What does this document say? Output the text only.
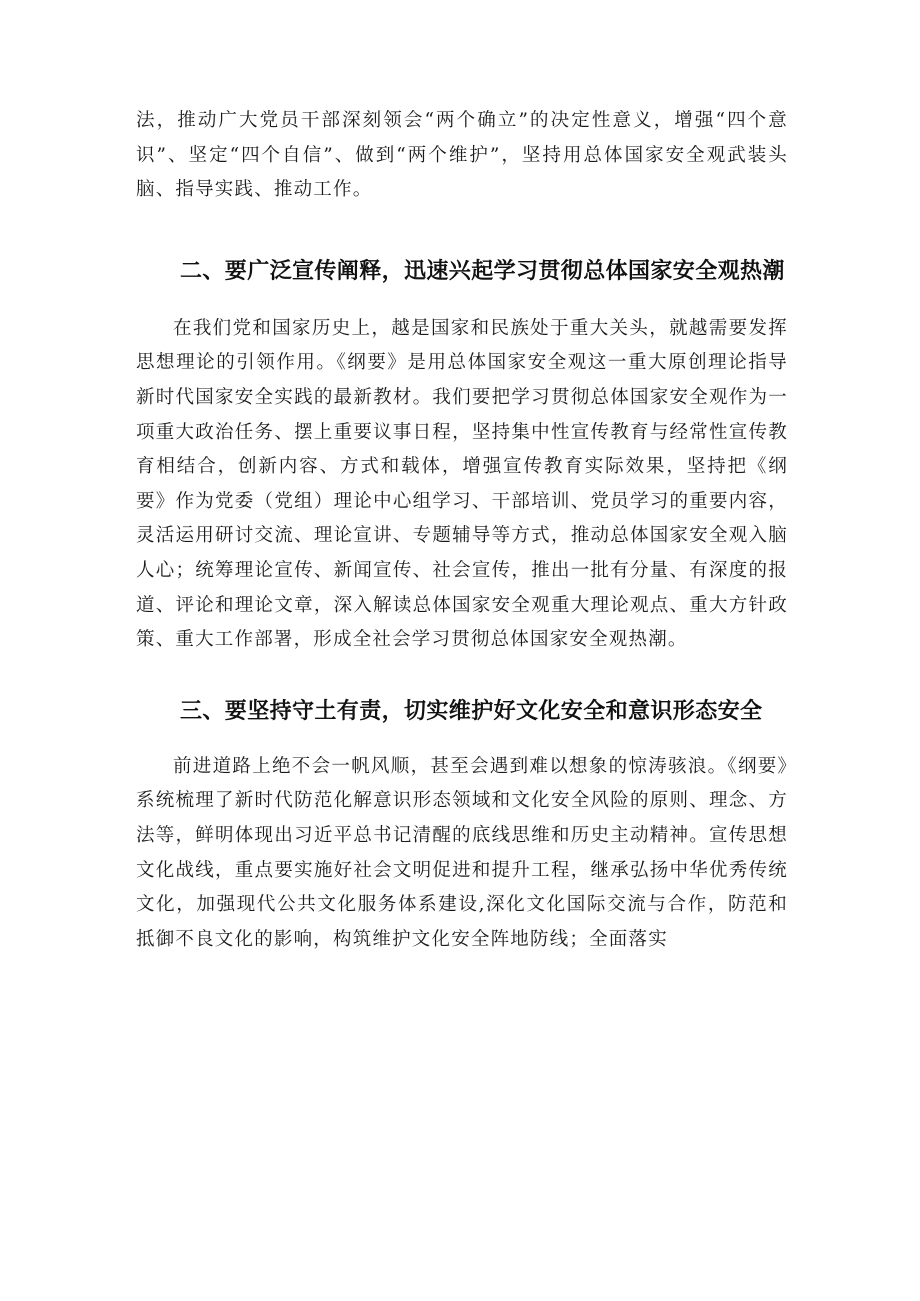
法，推动广大党员干部深刻领会“两个确立”的决定性意义，增强“四个意识”、坚定“四个自信”、做到“两个维护”，坚持用总体国家安全观武装头脑、指导实践、推动工作。

二、要广泛宣传阐释，迅速兴起学习贯彻总体国家安全观热潮

在我们党和国家历史上，越是国家和民族处于重大关头，就越需要发挥思想理论的引领作用。《纲要》是用总体国家安全观这一重大原创理论指导新时代国家安全实践的最新教材。我们要把学习贯彻总体国家安全观作为一项重大政治任务、摆上重要议事日程，坚持集中性宣传教育与经常性宣传教育相结合，创新内容、方式和载体，增强宣传教育实际效果，坚持把《纲要》作为党委（党组）理论中心组学习、干部培训、党员学习的重要内容，灵活运用研讨交流、理论宣讲、专题辅导等方式，推动总体国家安全观入脑人心；统筹理论宣传、新闻宣传、社会宣传，推出一批有分量、有深度的报道、评论和理论文章，深入解读总体国家安全观重大理论观点、重大方针政策、重大工作部署，形成全社会学习贯彻总体国家安全观热潮。

三、要坚持守土有责，切实维护好文化安全和意识形态安全

前进道路上绝不会一帆风顺，甚至会遇到难以想象的惊涛骇浪。《纲要》系统梳理了新时代防范化解意识形态领域和文化安全风险的原则、理念、方法等，鲜明体现出习近平总书记清醒的底线思维和历史主动精神。宣传思想文化战线，重点要实施好社会文明促进和提升工程，继承弘扬中华优秀传统文化，加强现代公共文化服务体系建设,深化文化国际交流与合作，防范和抵御不良文化的影响，构筑维护文化安全阵地防线；全面落实
